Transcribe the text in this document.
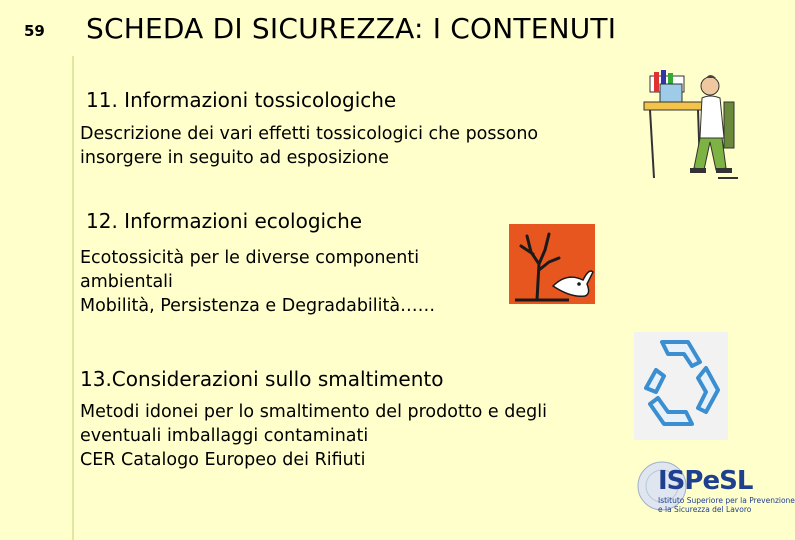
59 SCHEDA DI SICUREZZA: I CONTENUTI
11. Informazioni tossicologiche
Descrizione dei vari effetti tossicologici che possono
insorgere in seguito ad esposizione
12. Informazioni ecologiche
Ecotossicità per le diverse componenti
ambientali
Mobilità, Persistenza e Degradabilità……
13.Considerazioni sullo smaltimento
Metodi idonei per lo smaltimento del prodotto e degli
eventuali imballaggi contaminati
CER Catalogo Europeo dei Rifiuti
ISPeSL
Istituto Superiore per la Prevenzione
e la Sicurezza del Lavoro
